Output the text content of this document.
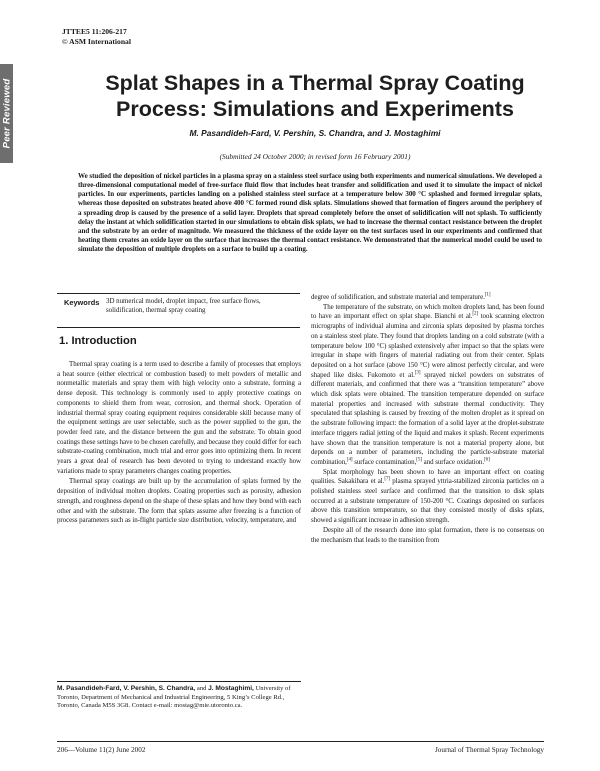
JTTEE5 11:206-217
© ASM International
Peer Reviewed	Splat Shapes in a Thermal Spray Coating
Process: Simulations and Experiments
M. Pasandideh-Fard, V. Pershin, S. Chandra, and J. Mostaghimi
(Submitted 24 October 2000; in revised form 16 February 2001)
We studied the deposition of nickel particles in a plasma spray on a stainless steel surface using both experiments and numerical simulations. We developed a three-dimensional computational model of free-surface fluid flow that includes heat transfer and solidification and used it to simulate the impact of nickel particles. In our experiments, particles landing on a polished stainless steel surface at a temperature below 300 °C splashed and formed irregular splats, whereas those deposited on substrates heated above 400 °C formed round disk splats. Simulations showed that formation of fingers around the periphery of a spreading drop is caused by the presence of a solid layer. Droplets that spread completely before the onset of solidification will not splash. To sufficiently delay the instant at which solidification started in our simulations to obtain disk splats, we had to increase the thermal contact resistance between the droplet and the substrate by an order of magnitude. We measured the thickness of the oxide layer on the test surfaces used in our experiments and confirmed that heating them creates an oxide layer on the surface that increases the thermal contact resistance. We demonstrated that the numerical model could be used to simulate the deposition of multiple droplets on a surface to build up a coating.
Keywords 3D numerical model, droplet impact, free surface flows, solidification, thermal spray coating
1. Introduction

Thermal spray coating is a term used to describe a family of processes that employs a heat source (either electrical or combustion based) to melt powders of metallic and nonmetallic materials and spray them with high velocity onto a substrate, forming a dense deposit. This technology is commonly used to apply protective coatings on components to shield them from wear, corrosion, and thermal shock. Operation of industrial thermal spray coating equipment requires considerable skill because many of the equipment settings are user selectable, such as the power supplied to the gun, the powder feed rate, and the distance between the gun and the substrate. To obtain good coatings these settings have to be chosen carefully, and because they could differ for each substrate-coating combination, much trial and error goes into optimizing them. In recent years a great deal of research has been devoted to trying to understand exactly how variations made to spray parameters changes coating properties.

Thermal spray coatings are built up by the accumulation of splats formed by the deposition of individual molten droplets. Coating properties such as porosity, adhesion strength, and roughness depend on the shape of these splats and how they bond with each other and with the substrate. The form that splats assume after freezing is a function of process parameters such as in-flight particle size distribution, velocity, temperature, and

degree of solidification, and substrate material and temperature.[1]

The temperature of the substrate, on which molten droplets land, has been found to have an important effect on splat shape. Bianchi et al.[2] took scanning electron micrographs of individual alumina and zirconia splats deposited by plasma torches on a stainless steel plate. They found that droplets landing on a cold substrate (with a temperature below 100 °C) splashed extensively after impact so that the splats were irregular in shape with fingers of material radiating out from their center. Splats deposited on a hot surface (above 150 °C) were almost perfectly circular, and were shaped like disks. Fukomoto et al.[3] sprayed nickel powders on substrates of different materials, and confirmed that there was a “transition temperature” above which disk splats were obtained. The transition temperature depended on surface material properties and increased with substrate thermal conductivity. They speculated that splashing is caused by freezing of the molten droplet as it spread on the substrate following impact: the formation of a solid layer at the droplet-substrate interface triggers radial jetting of the liquid and makes it splash. Recent experiments have shown that the transition temperature is not a material property alone, but depends on a number of parameters, including the particle-substrate material combination,[4] surface contamination,[5] and surface oxidation.[6]

Splat morphology has been shown to have an important effect on coating qualities. Sakakibara et al.[7] plasma sprayed yttria-stabilized zirconia particles on a polished stainless steel surface and confirmed that the transition to disk splats occurred at a substrate temperature of 150-200 °C. Coatings deposited on surfaces above this transition temperature, so that they consisted mostly of disks splats, showed a significant increase in adhesion strength.

Despite all of the research done into splat formation, there is no consensus on the mechanism that leads to the transition from

M. Pasandideh-Fard, V. Pershin, S. Chandra, and J. Mostaghimi, University of Toronto, Department of Mechanical and Industrial Engineering, 5 King’s College Rd., Toronto, Canada M5S 3G8. Contact e-mail: mostag@mie.utoronto.ca.
206—Volume 11(2) June 2002	Journal of Thermal Spray Technology
